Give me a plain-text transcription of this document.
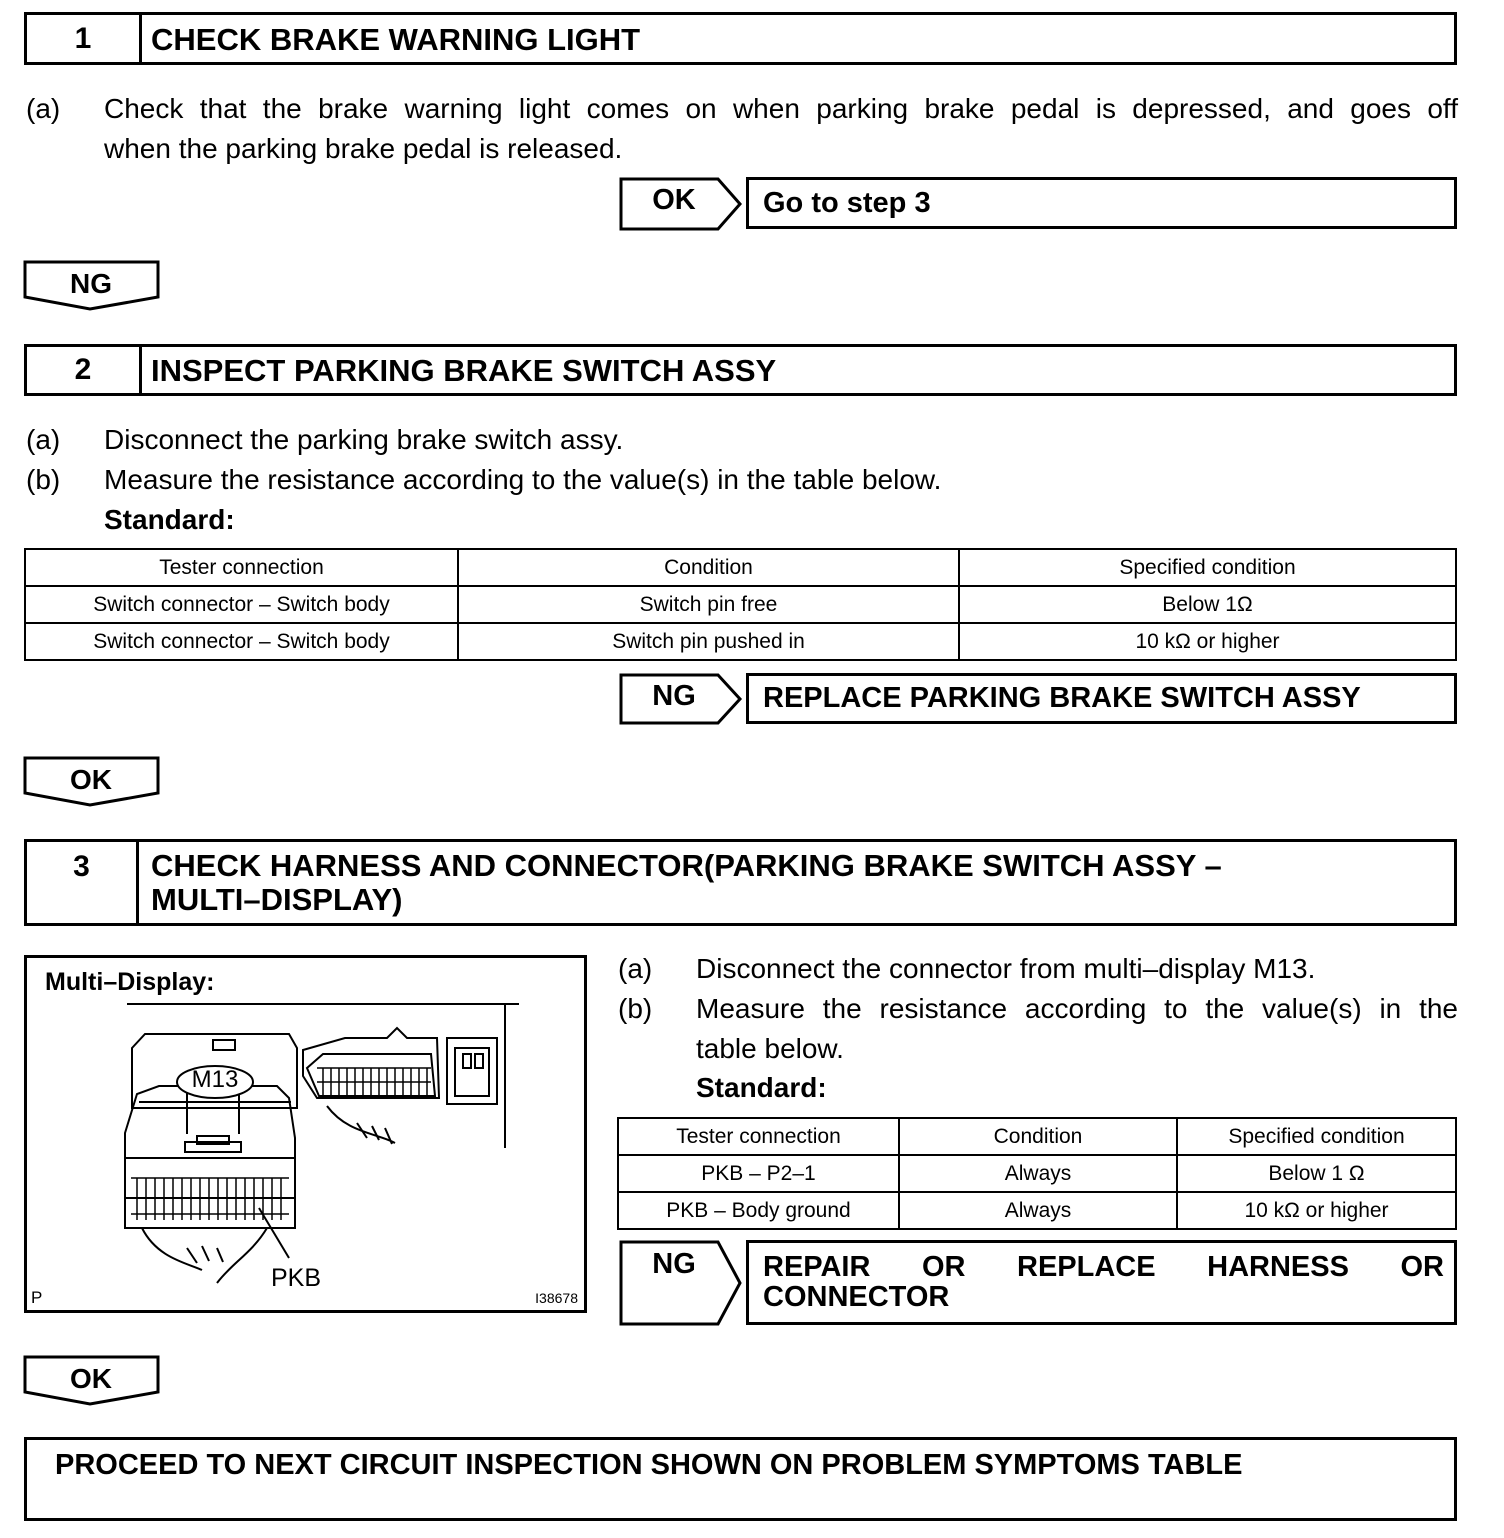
1	CHECK BRAKE WARNING LIGHT
(a)	Check that the brake warning light comes on when parking brake pedal is depressed, and goes off
when the parking brake pedal is released.
OK	Go to step 3
NG
2	INSPECT PARKING BRAKE SWITCH ASSY
(a)	Disconnect the parking brake switch assy.
(b)	Measure the resistance according to the value(s) in the table below.
Standard:
Tester connection	Condition	Specified condition
Switch connector – Switch body	Switch pin free	Below 1Ω
Switch connector – Switch body	Switch pin pushed in	10 kΩ or higher
NG	REPLACE PARKING BRAKE SWITCH ASSY
OK
3	CHECK HARNESS AND CONNECTOR(PARKING BRAKE SWITCH ASSY –
MULTI–DISPLAY)
Multi–Display:
M13
PKB
P	I38678
(a)	Disconnect the connector from multi–display M13.
(b)	Measure the resistance according to the value(s) in the
table below.
Standard:
Tester connection	Condition	Specified condition
PKB – P2–1	Always	Below 1 Ω
PKB – Body ground	Always	10 kΩ or higher
NG	REPAIR OR REPLACE HARNESS OR
CONNECTOR
OK
PROCEED TO NEXT CIRCUIT INSPECTION SHOWN ON PROBLEM SYMPTOMS TABLE
